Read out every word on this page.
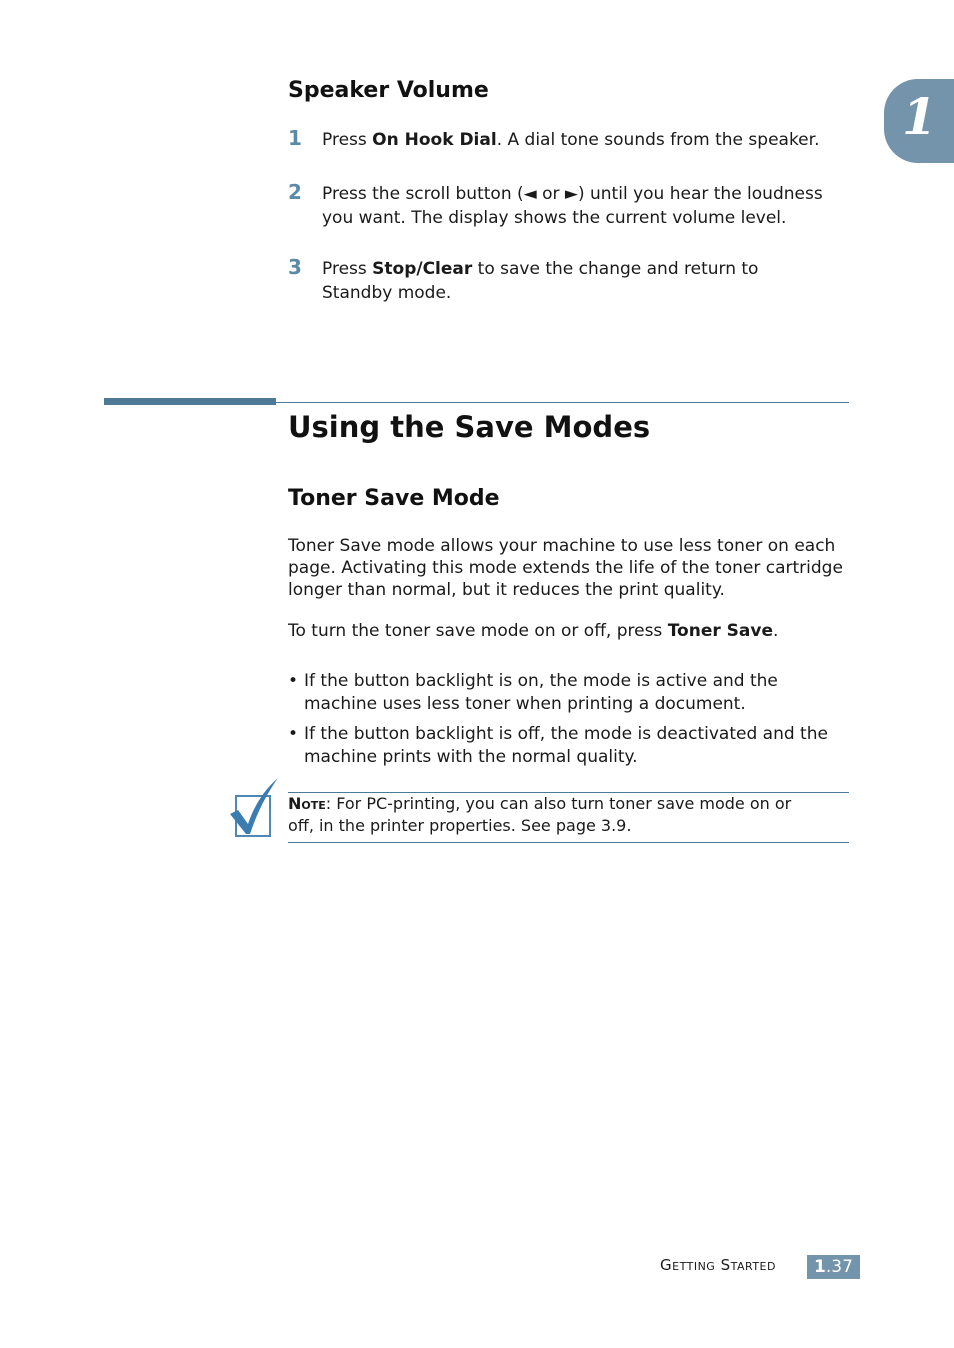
1
Speaker Volume
1 Press On Hook Dial. A dial tone sounds from the speaker.
2 Press the scroll button (◄ or ►) until you hear the loudness
you want. The display shows the current volume level.
3 Press Stop/Clear to save the change and return to
Standby mode.
Using the Save Modes
Toner Save Mode
Toner Save mode allows your machine to use less toner on each
page. Activating this mode extends the life of the toner cartridge
longer than normal, but it reduces the print quality.
To turn the toner save mode on or off, press Toner Save.
• If the button backlight is on, the mode is active and the
machine uses less toner when printing a document.
• If the button backlight is off, the mode is deactivated and the
machine prints with the normal quality.
Note: For PC-printing, you can also turn toner save mode on or
off, in the printer properties. See page 3.9.
Getting Started	1.37
